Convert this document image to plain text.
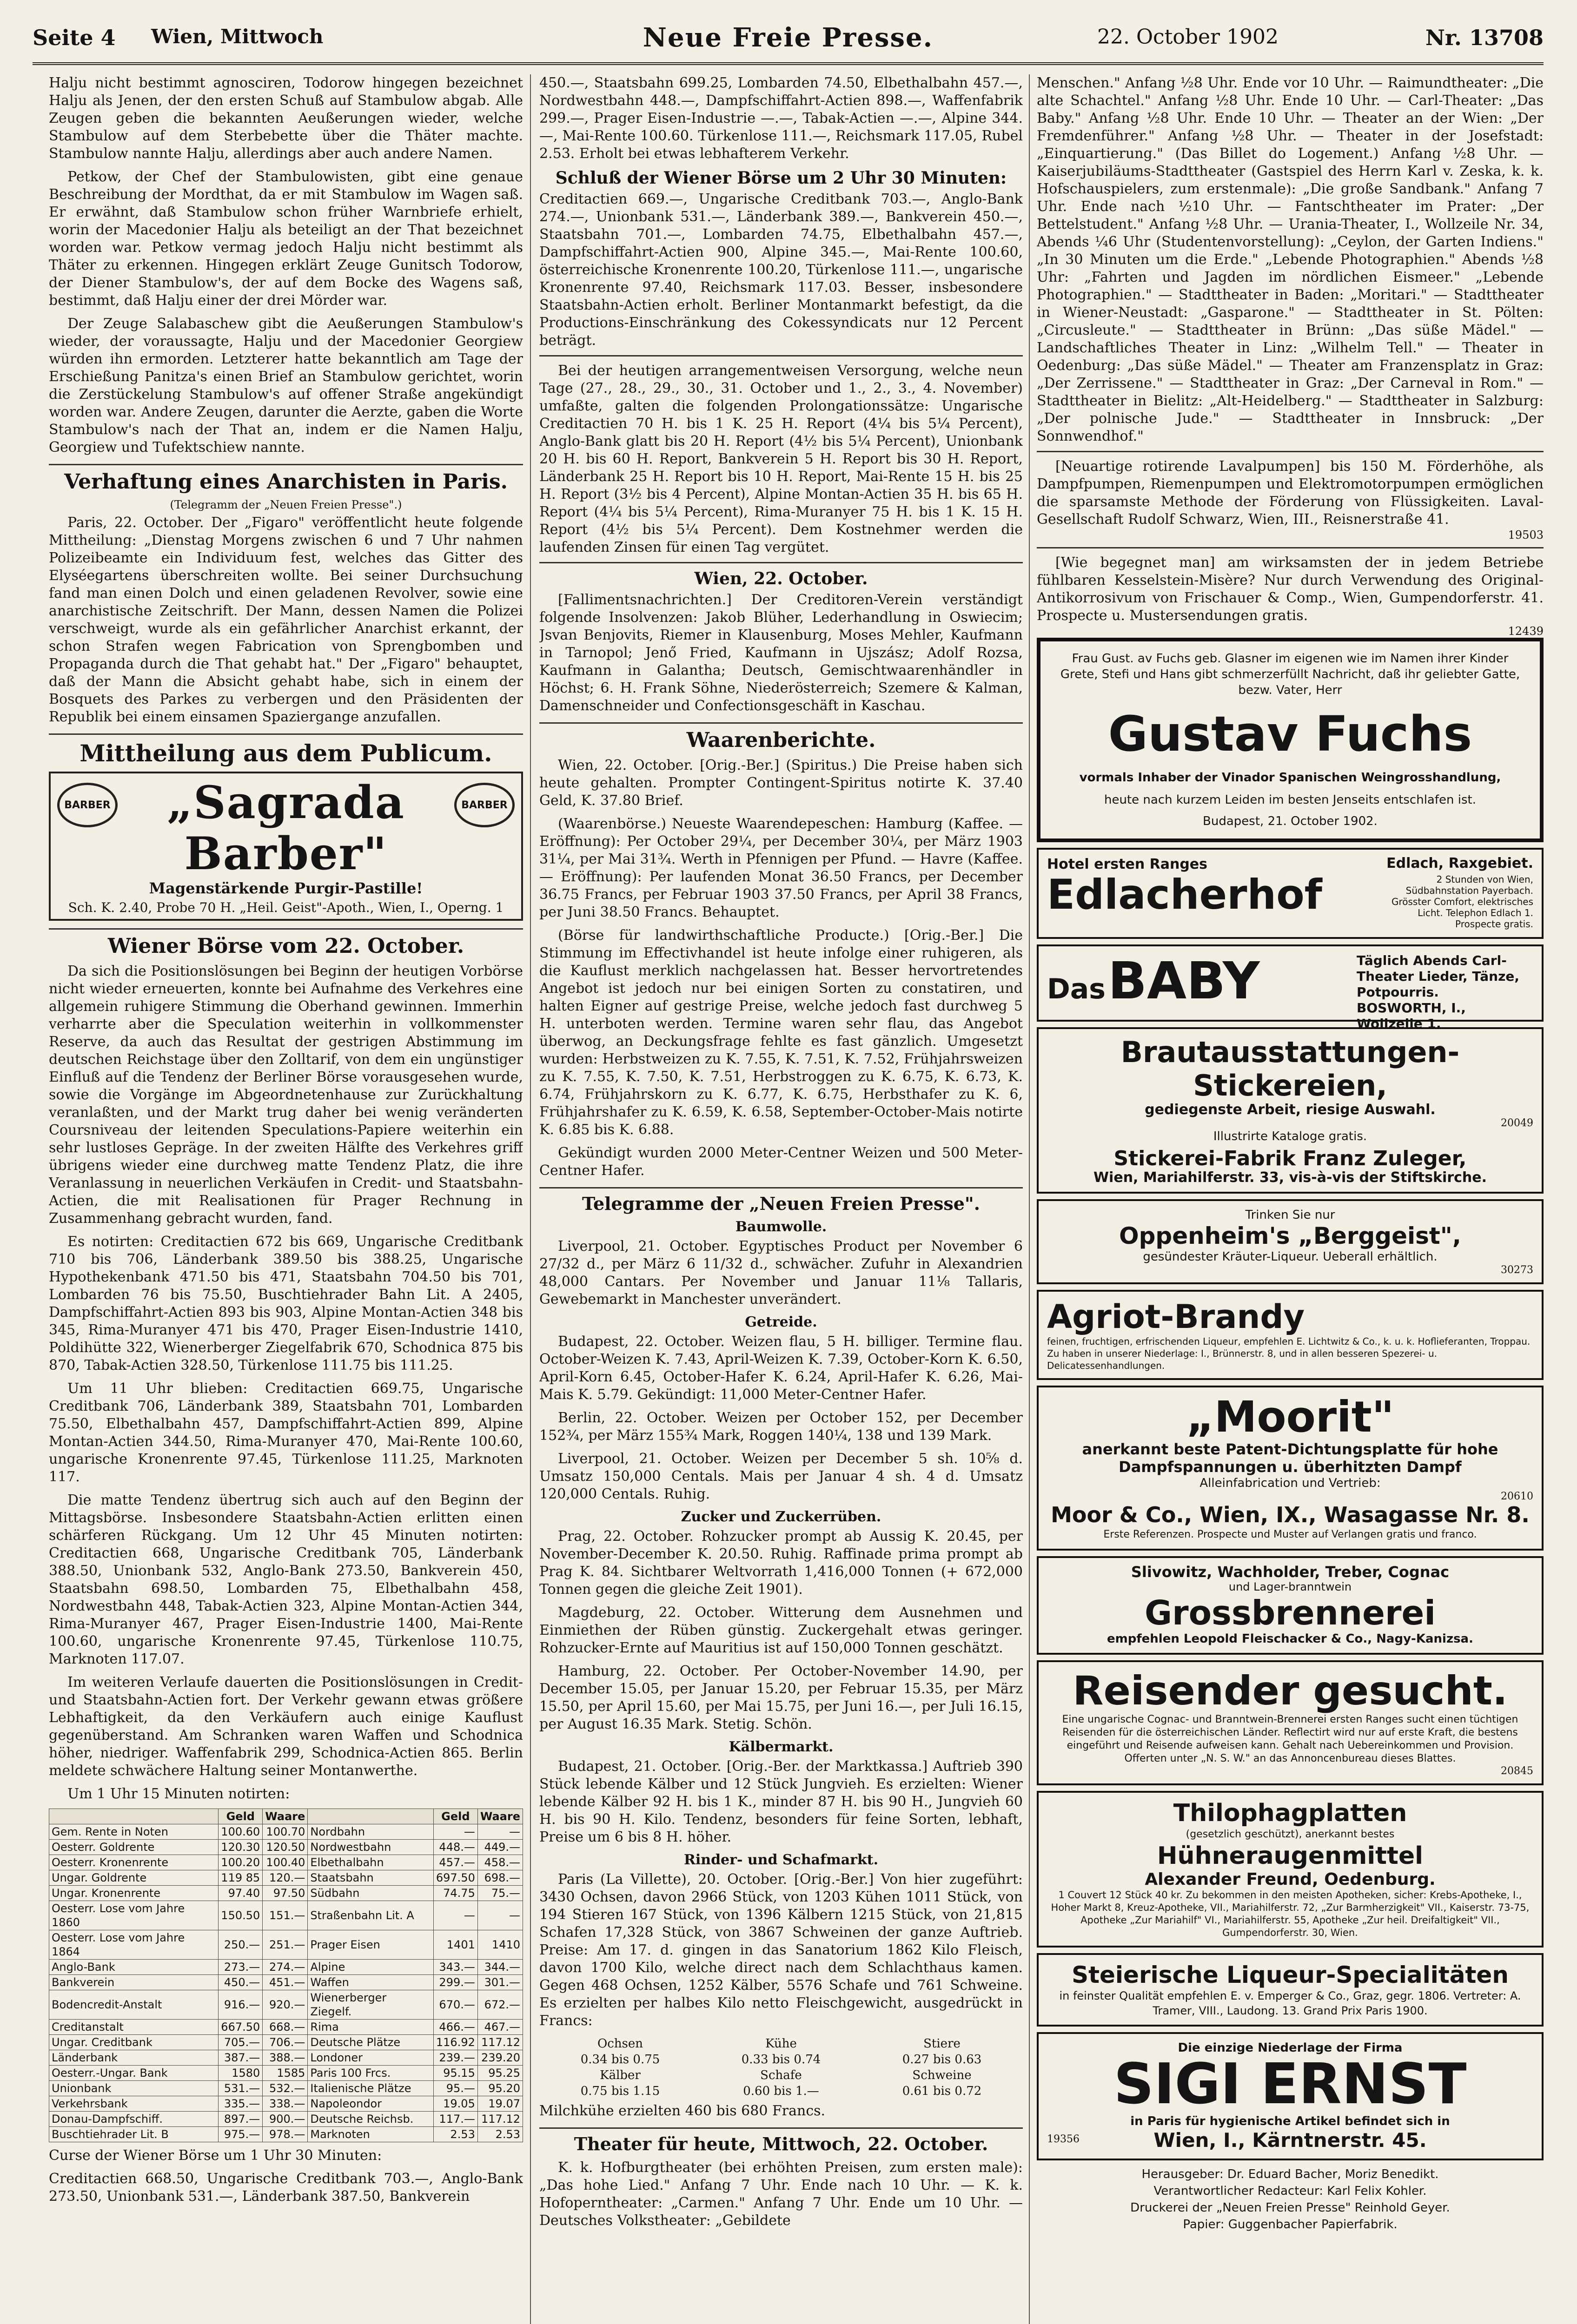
Seite 4 Wien, Mittwoch	Neue Freie Presse.	22. October 1902	Nr. 13708

Halju nicht bestimmt agnosciren, Todorow hingegen bezeichnet Halju als Jenen, der den ersten Schuß auf Stambulow abgab. Alle Zeugen geben die bekannten Aeußerungen wieder, welche Stambulow auf dem Sterbebette über die Thäter machte. Stambulow nannte Halju, allerdings aber auch andere Namen.

Petkow, der Chef der Stambulowisten, gibt eine genaue Beschreibung der Mordthat, da er mit Stambulow im Wagen saß. Er erwähnt, daß Stambulow schon früher Warnbriefe erhielt, worin der Macedonier Halju als beteiligt an der That bezeichnet worden war. Petkow vermag jedoch Halju nicht bestimmt als Thäter zu erkennen. Hingegen erklärt Zeuge Gunitsch Todorow, der Diener Stambulow's, der auf dem Bocke des Wagens saß, bestimmt, daß Halju einer der drei Mörder war.

Der Zeuge Salabaschew gibt die Aeußerungen Stambulow's wieder, der voraussagte, Halju und der Macedonier Georgiew würden ihn ermorden. Letzterer hatte bekanntlich am Tage der Erschießung Panitza's einen Brief an Stambulow gerichtet, worin die Zerstückelung Stambulow's auf offener Straße angekündigt worden war. Andere Zeugen, darunter die Aerzte, gaben die Worte Stambulow's nach der That an, indem er die Namen Halju, Georgiew und Tufektschiew nannte.

Verhaftung eines Anarchisten in Paris.
(Telegramm der „Neuen Freien Presse".)

Paris, 22. October. Der „Figaro" veröffentlicht heute folgende Mittheilung: „Dienstag Morgens zwischen 6 und 7 Uhr nahmen Polizeibeamte ein Individuum fest, welches das Gitter des Elyséegartens überschreiten wollte. Bei seiner Durchsuchung fand man einen Dolch und einen geladenen Revolver, sowie eine anarchistische Zeitschrift. Der Mann, dessen Namen die Polizei verschweigt, wurde als ein gefährlicher Anarchist erkannt, der schon Strafen wegen Fabrication von Sprengbomben und Propaganda durch die That gehabt hat." Der „Figaro" behauptet, daß der Mann die Absicht gehabt habe, sich in einem der Bosquets des Parkes zu verbergen und den Präsidenten der Republik bei einem einsamen Spaziergange anzufallen.

Mittheilung aus dem Publicum.
BARBER	BARBER
„Sagrada Barber"
Magenstärkende Purgir-Pastille!
Sch. K. 2.40, Probe 70 H. „Heil. Geist"-Apoth., Wien, I., Operng. 1
Wiener Börse vom 22. October.

Da sich die Positionslösungen bei Beginn der heutigen Vorbörse nicht wieder erneuerten, konnte bei Aufnahme des Verkehres eine allgemein ruhigere Stimmung die Oberhand gewinnen. Immerhin verharrte aber die Speculation weiterhin in vollkommenster Reserve, da auch das Resultat der gestrigen Abstimmung im deutschen Reichstage über den Zolltarif, von dem ein ungünstiger Einfluß auf die Tendenz der Berliner Börse vorausgesehen wurde, sowie die Vorgänge im Abgeordnetenhause zur Zurückhaltung veranlaßten, und der Markt trug daher bei wenig veränderten Coursniveau der leitenden Speculations-Papiere weiterhin ein sehr lustloses Gepräge. In der zweiten Hälfte des Verkehres griff übrigens wieder eine durchweg matte Tendenz Platz, die ihre Veranlassung in neuerlichen Verkäufen in Credit- und Staatsbahn-Actien, die mit Realisationen für Prager Rechnung in Zusammenhang gebracht wurden, fand.

Es notirten: Creditactien 672 bis 669, Ungarische Creditbank 710 bis 706, Länderbank 389.50 bis 388.25, Ungarische Hypothekenbank 471.50 bis 471, Staatsbahn 704.50 bis 701, Lombarden 76 bis 75.50, Buschtiehrader Bahn Lit. A 2405, Dampfschiffahrt-Actien 893 bis 903, Alpine Montan-Actien 348 bis 345, Rima-Muranyer 471 bis 470, Prager Eisen-Industrie 1410, Poldihütte 322, Wienerberger Ziegelfabrik 670, Schodnica 875 bis 870, Tabak-Actien 328.50, Türkenlose 111.75 bis 111.25.

Um 11 Uhr blieben: Creditactien 669.75, Ungarische Creditbank 706, Länderbank 389, Staatsbahn 701, Lombarden 75.50, Elbethalbahn 457, Dampfschiffahrt-Actien 899, Alpine Montan-Actien 344.50, Rima-Muranyer 470, Mai-Rente 100.60, ungarische Kronenrente 97.45, Türkenlose 111.25, Marknoten 117.

Die matte Tendenz übertrug sich auch auf den Beginn der Mittagsbörse. Insbesondere Staatsbahn-Actien erlitten einen schärferen Rückgang. Um 12 Uhr 45 Minuten notirten: Creditactien 668, Ungarische Creditbank 705, Länderbank 388.50, Unionbank 532, Anglo-Bank 273.50, Bankverein 450, Staatsbahn 698.50, Lombarden 75, Elbethalbahn 458, Nordwestbahn 448, Tabak-Actien 323, Alpine Montan-Actien 344, Rima-Muranyer 467, Prager Eisen-Industrie 1400, Mai-Rente 100.60, ungarische Kronenrente 97.45, Türkenlose 110.75, Marknoten 117.07.

Im weiteren Verlaufe dauerten die Positionslösungen in Credit- und Staatsbahn-Actien fort. Der Verkehr gewann etwas größere Lebhaftigkeit, da den Verkäufern auch einige Kauflust gegenüberstand. Am Schranken waren Waffen und Schodnica höher, niedriger. Waffenfabrik 299, Schodnica-Actien 865. Berlin meldete schwächere Haltung seiner Montanwerthe.

Um 1 Uhr 15 Minuten notirten:

	Geld	Waare		Geld	Waare
Gem. Rente in Noten	100.60	100.70	Nordbahn	—	—
Oesterr. Goldrente	120.30	120.50	Nordwestbahn	448.—	449.—
Oesterr. Kronenrente	100.20	100.40	Elbethalbahn	457.—	458.—
Ungar. Goldrente	119 85	120.—	Staatsbahn	697.50	698.—
Ungar. Kronenrente	97.40	97.50	Südbahn	74.75	75.—
Oesterr. Lose vom Jahre 1860	150.50	151.—	Straßenbahn Lit. A	—	—
Oesterr. Lose vom Jahre 1864	250.—	251.—	Prager Eisen	1401	1410
Anglo-Bank	273.—	274.—	Alpine	343.—	344.—
Bankverein	450.—	451.—	Waffen	299.—	301.—
Bodencredit-Anstalt	916.—	920.—	Wienerberger Ziegelf.	670.—	672.—
Creditanstalt	667.50	668.—	Rima	466.—	467.—
Ungar. Creditbank	705.—	706.—	Deutsche Plätze	116.92	117.12
Länderbank	387.—	388.—	Londoner	239.—	239.20
Oesterr.-Ungar. Bank	1580	1585	Paris 100 Frcs.	95.15	95.25
Unionbank	531.—	532.—	Italienische Plätze	95.—	95.20
Verkehrsbank	335.—	338.—	Napoleondor	19.05	19.07
Donau-Dampfschiff.	897.—	900.—	Deutsche Reichsb.	117.—	117.12
Buschtiehrader Lit. B	975.—	978.—	Marknoten	2.53	2.53

Curse der Wiener Börse um 1 Uhr 30 Minuten:

Creditactien 668.50, Ungarische Creditbank 703.—, Anglo-Bank 273.50, Unionbank 531.—, Länderbank 387.50, Bankverein

450.—, Staatsbahn 699.25, Lombarden 74.50, Elbethalbahn 457.—, Nordwestbahn 448.—, Dampfschiffahrt-Actien 898.—, Waffenfabrik 299.—, Prager Eisen-Industrie —.—, Tabak-Actien —.—, Alpine 344.—, Mai-Rente 100.60. Türkenlose 111.—, Reichsmark 117.05, Rubel 2.53. Erholt bei etwas lebhafterem Verkehr.

Schluß der Wiener Börse um 2 Uhr 30 Minuten:

Creditactien 669.—, Ungarische Creditbank 703.—, Anglo-Bank 274.—, Unionbank 531.—, Länderbank 389.—, Bankverein 450.—, Staatsbahn 701.—, Lombarden 74.75, Elbethalbahn 457.—, Dampfschiffahrt-Actien 900, Alpine 345.—, Mai-Rente 100.60, österreichische Kronenrente 100.20, Türkenlose 111.—, ungarische Kronenrente 97.40, Reichsmark 117.03. Besser, insbesondere Staatsbahn-Actien erholt. Berliner Montanmarkt befestigt, da die Productions-Einschränkung des Cokessyndicats nur 12 Percent beträgt.

Bei der heutigen arrangementweisen Versorgung, welche neun Tage (27., 28., 29., 30., 31. October und 1., 2., 3., 4. November) umfaßte, galten die folgenden Prolongationssätze: Ungarische Creditactien 70 H. bis 1 K. 25 H. Report (4¼ bis 5¼ Percent), Anglo-Bank glatt bis 20 H. Report (4½ bis 5¼ Percent), Unionbank 20 H. bis 60 H. Report, Bankverein 5 H. Report bis 30 H. Report, Länderbank 25 H. Report bis 10 H. Report, Mai-Rente 15 H. bis 25 H. Report (3½ bis 4 Percent), Alpine Montan-Actien 35 H. bis 65 H. Report (4¼ bis 5¼ Percent), Rima-Muranyer 75 H. bis 1 K. 15 H. Report (4½ bis 5¼ Percent). Dem Kostnehmer werden die laufenden Zinsen für einen Tag vergütet.

Wien, 22. October.

[Fallimentsnachrichten.] Der Creditoren-Verein verständigt folgende Insolvenzen: Jakob Blüher, Lederhandlung in Oswiecim; Jsvan Benjovits, Riemer in Klausenburg, Moses Mehler, Kaufmann in Tarnopol; Jenő Fried, Kaufmann in Ujszász; Adolf Rozsa, Kaufmann in Galantha; Deutsch, Gemischtwaarenhändler in Höchst; 6. H. Frank Söhne, Niederösterreich; Szemere & Kalman, Damenschneider und Confectionsgeschäft in Kaschau.

Waarenberichte.

Wien, 22. October. [Orig.-Ber.] (Spiritus.) Die Preise haben sich heute gehalten. Prompter Contingent-Spiritus notirte K. 37.40 Geld, K. 37.80 Brief.

(Waarenbörse.) Neueste Waarendepeschen: Hamburg (Kaffee. — Eröffnung): Per October 29¼, per December 30¼, per März 1903 31¼, per Mai 31¾. Werth in Pfennigen per Pfund. — Havre (Kaffee. — Eröffnung): Per laufenden Monat 36.50 Francs, per December 36.75 Francs, per Februar 1903 37.50 Francs, per April 38 Francs, per Juni 38.50 Francs. Behauptet.

(Börse für landwirthschaftliche Producte.) [Orig.-Ber.] Die Stimmung im Effectivhandel ist heute infolge einer ruhigeren, als die Kauflust merklich nachgelassen hat. Besser hervortretendes Angebot ist jedoch nur bei einigen Sorten zu constatiren, und halten Eigner auf gestrige Preise, welche jedoch fast durchweg 5 H. unterboten werden. Termine waren sehr flau, das Angebot überwog, an Deckungsfrage fehlte es fast gänzlich. Umgesetzt wurden: Herbstweizen zu K. 7.55, K. 7.51, K. 7.52, Frühjahrsweizen zu K. 7.55, K. 7.50, K. 7.51, Herbstroggen zu K. 6.75, K. 6.73, K. 6.74, Frühjahrskorn zu K. 6.77, K. 6.75, Herbsthafer zu K. 6, Frühjahrshafer zu K. 6.59, K. 6.58, September-October-Mais notirte K. 6.85 bis K. 6.88.

Gekündigt wurden 2000 Meter-Centner Weizen und 500 Meter-Centner Hafer.

Telegramme der „Neuen Freien Presse".
Baumwolle.

Liverpool, 21. October. Egyptisches Product per November 6 27/32 d., per März 6 11/32 d., schwächer. Zufuhr in Alexandrien 48,000 Cantars. Per November und Januar 11⅛ Tallaris, Gewebemarkt in Manchester unverändert.

Getreide.

Budapest, 22. October. Weizen flau, 5 H. billiger. Termine flau. October-Weizen K. 7.43, April-Weizen K. 7.39, October-Korn K. 6.50, April-Korn 6.45, October-Hafer K. 6.24, April-Hafer K. 6.26, Mai-Mais K. 5.79. Gekündigt: 11,000 Meter-Centner Hafer.

Berlin, 22. October. Weizen per October 152, per December 152¾, per März 155¾ Mark, Roggen 140¼, 138 und 139 Mark.

Liverpool, 21. October. Weizen per December 5 sh. 10⅝ d. Umsatz 150,000 Centals. Mais per Januar 4 sh. 4 d. Umsatz 120,000 Centals. Ruhig.

Zucker und Zuckerrüben.

Prag, 22. October. Rohzucker prompt ab Aussig K. 20.45, per November-December K. 20.50. Ruhig. Raffinade prima prompt ab Prag K. 84. Sichtbarer Weltvorrath 1,416,000 Tonnen (+ 672,000 Tonnen gegen die gleiche Zeit 1901).

Magdeburg, 22. October. Witterung dem Ausnehmen und Einmiethen der Rüben günstig. Zuckergehalt etwas geringer. Rohzucker-Ernte auf Mauritius ist auf 150,000 Tonnen geschätzt.

Hamburg, 22. October. Per October-November 14.90, per December 15.05, per Januar 15.20, per Februar 15.35, per März 15.50, per April 15.60, per Mai 15.75, per Juni 16.—, per Juli 16.15, per August 16.35 Mark. Stetig. Schön.

Kälbermarkt.

Budapest, 21. October. [Orig.-Ber. der Marktkassa.] Auftrieb 390 Stück lebende Kälber und 12 Stück Jungvieh. Es erzielten: Wiener lebende Kälber 92 H. bis 1 K., minder 87 H. bis 90 H., Jungvieh 60 H. bis 90 H. Kilo. Tendenz, besonders für feine Sorten, lebhaft, Preise um 6 bis 8 H. höher.

Rinder- und Schafmarkt.

Paris (La Villette), 20. October. [Orig.-Ber.] Von hier zugeführt: 3430 Ochsen, davon 2966 Stück, von 1203 Kühen 1011 Stück, von 194 Stieren 167 Stück, von 1396 Kälbern 1215 Stück, von 21,815 Schafen 17,328 Stück, von 3867 Schweinen der ganze Auftrieb. Preise: Am 17. d. gingen in das Sanatorium 1862 Kilo Fleisch, davon 1700 Kilo, welche direct nach dem Schlachthaus kamen. Gegen 468 Ochsen, 1252 Kälber, 5576 Schafe und 761 Schweine. Es erzielten per halbes Kilo netto Fleischgewicht, ausgedrückt in Francs:

Ochsen	Kühe	Stiere
0.34 bis 0.75	0.33 bis 0.74	0.27 bis 0.63
Kälber	Schafe	Schweine
0.75 bis 1.15	0.60 bis 1.—	0.61 bis 0.72

Milchkühe erzielten 460 bis 680 Francs.

Theater für heute, Mittwoch, 22. October.

K. k. Hofburgtheater (bei erhöhten Preisen, zum ersten male): „Das hohe Lied." Anfang 7 Uhr. Ende nach 10 Uhr. — K. k. Hofoperntheater: „Carmen." Anfang 7 Uhr. Ende um 10 Uhr. — Deutsches Volkstheater: „Gebildete

Menschen." Anfang ½8 Uhr. Ende vor 10 Uhr. — Raimundtheater: „Die alte Schachtel." Anfang ½8 Uhr. Ende 10 Uhr. — Carl-Theater: „Das Baby." Anfang ½8 Uhr. Ende 10 Uhr. — Theater an der Wien: „Der Fremdenführer." Anfang ½8 Uhr. — Theater in der Josefstadt: „Einquartierung." (Das Billet do Logement.) Anfang ½8 Uhr. — Kaiserjubiläums-Stadttheater (Gastspiel des Herrn Karl v. Zeska, k. k. Hofschauspielers, zum erstenmale): „Die große Sandbank." Anfang 7 Uhr. Ende nach ½10 Uhr. — Fantschtheater im Prater: „Der Bettelstudent." Anfang ½8 Uhr. — Urania-Theater, I., Wollzeile Nr. 34, Abends ¼6 Uhr (Studentenvorstellung): „Ceylon, der Garten Indiens." „In 30 Minuten um die Erde." „Lebende Photographien." Abends ½8 Uhr: „Fahrten und Jagden im nördlichen Eismeer." „Lebende Photographien." — Stadttheater in Baden: „Moritari." — Stadttheater in Wiener-Neustadt: „Gasparone." — Stadttheater in St. Pölten: „Circusleute." — Stadttheater in Brünn: „Das süße Mädel." — Landschaftliches Theater in Linz: „Wilhelm Tell." — Theater in Oedenburg: „Das süße Mädel." — Theater am Franzensplatz in Graz: „Der Zerrissene." — Stadttheater in Graz: „Der Carneval in Rom." — Stadttheater in Bielitz: „Alt-Heidelberg." — Stadttheater in Salzburg: „Der polnische Jude." — Stadttheater in Innsbruck: „Der Sonnwendhof."

[Neuartige rotirende Lavalpumpen] bis 150 M. Förderhöhe, als Dampfpumpen, Riemenpumpen und Elektromotorpumpen ermöglichen die sparsamste Methode der Förderung von Flüssigkeiten. Laval-Gesellschaft Rudolf Schwarz, Wien, III., Reisnerstraße 41.

19503

[Wie begegnet man] am wirksamsten der in jedem Betriebe fühlbaren Kesselstein-Misère? Nur durch Verwendung des Original-Antikorrosivum von Frischauer & Comp., Wien, Gumpendorferstr. 41. Prospecte u. Mustersendungen gratis.

12439
Frau Gust. av Fuchs geb. Glasner im eigenen wie im Namen ihrer Kinder Grete, Stefi und Hans gibt schmerzerfüllt Nachricht, daß ihr geliebter Gatte, bezw. Vater, Herr
Gustav Fuchs
vormals Inhaber der Vinador Spanischen Weingrosshandlung,
heute nach kurzem Leiden im besten Jenseits entschlafen ist.
Budapest, 21. October 1902.
Hotel ersten Ranges
Edlacherhof
Edlach, Raxgebiet.
2 Stunden von Wien, Südbahnstation Payerbach. Grösster Comfort, elektrisches Licht. Telephon Edlach 1. Prospecte gratis.
Das BABY	Täglich Abends Carl-Theater Lieder, Tänze, Potpourris. BOSWORTH, I., Wollzeile 1.
Brautausstattungen-Stickereien,
gediegenste Arbeit, riesige Auswahl.
20049
Illustrirte Kataloge gratis.
Stickerei-Fabrik Franz Zuleger,
Wien, Mariahilferstr. 33, vis-à-vis der Stiftskirche.
Trinken Sie nur
Oppenheim's „Berggeist",
gesündester Kräuter-Liqueur. Ueberall erhältlich.
30273
Agriot-Brandy
feinen, fruchtigen, erfrischenden Liqueur, empfehlen E. Lichtwitz & Co., k. u. k. Hoflieferanten, Troppau. Zu haben in unserer Niederlage: I., Brünnerstr. 8, und in allen besseren Spezerei- u. Delicatessenhandlungen.
„Moorit"
anerkannt beste Patent-Dichtungsplatte für hohe Dampfspannungen u. überhitzten Dampf
Alleinfabrication und Vertrieb:
20610
Moor & Co., Wien, IX., Wasagasse Nr. 8.
Erste Referenzen. Prospecte und Muster auf Verlangen gratis und franco.
Slivowitz, Wachholder, Treber, Cognac
und Lager-branntwein
Grossbrennerei
empfehlen Leopold Fleischacker & Co., Nagy-Kanizsa.
Reisender gesucht.
Eine ungarische Cognac- und Branntwein-Brennerei ersten Ranges sucht einen tüchtigen Reisenden für die österreichischen Länder. Reflectirt wird nur auf erste Kraft, die bestens eingeführt und Reisende aufweisen kann. Gehalt nach Uebereinkommen und Provision. Offerten unter „N. S. W." an das Annoncenbureau dieses Blattes.
20845
Thilophagplatten
(gesetzlich geschützt), anerkannt bestes
Hühneraugenmittel
Alexander Freund, Oedenburg.
1 Couvert 12 Stück 40 kr. Zu bekommen in den meisten Apotheken, sicher: Krebs-Apotheke, I., Hoher Markt 8, Kreuz-Apotheke, VII., Mariahilferstr. 72, „Zur Barmherzigkeit" VII., Kaiserstr. 73-75, Apotheke „Zur Mariahilf" VI., Mariahilferstr. 55, Apotheke „Zur heil. Dreifaltigkeit" VII., Gumpendorferstr. 30, Wien.
Steierische Liqueur-Specialitäten
in feinster Qualität empfehlen E. v. Emperger & Co., Graz, gegr. 1806. Vertreter: A. Tramer, VIII., Laudong. 13. Grand Prix Paris 1900.
Die einzige Niederlage der Firma
SIGI ERNST
in Paris für hygienische Artikel befindet sich in
19356	Wien, I., Kärntnerstr. 45.
Herausgeber: Dr. Eduard Bacher, Moriz Benedikt.
Verantwortlicher Redacteur: Karl Felix Kohler.
Druckerei der „Neuen Freien Presse" Reinhold Geyer.
Papier: Guggenbacher Papierfabrik.
